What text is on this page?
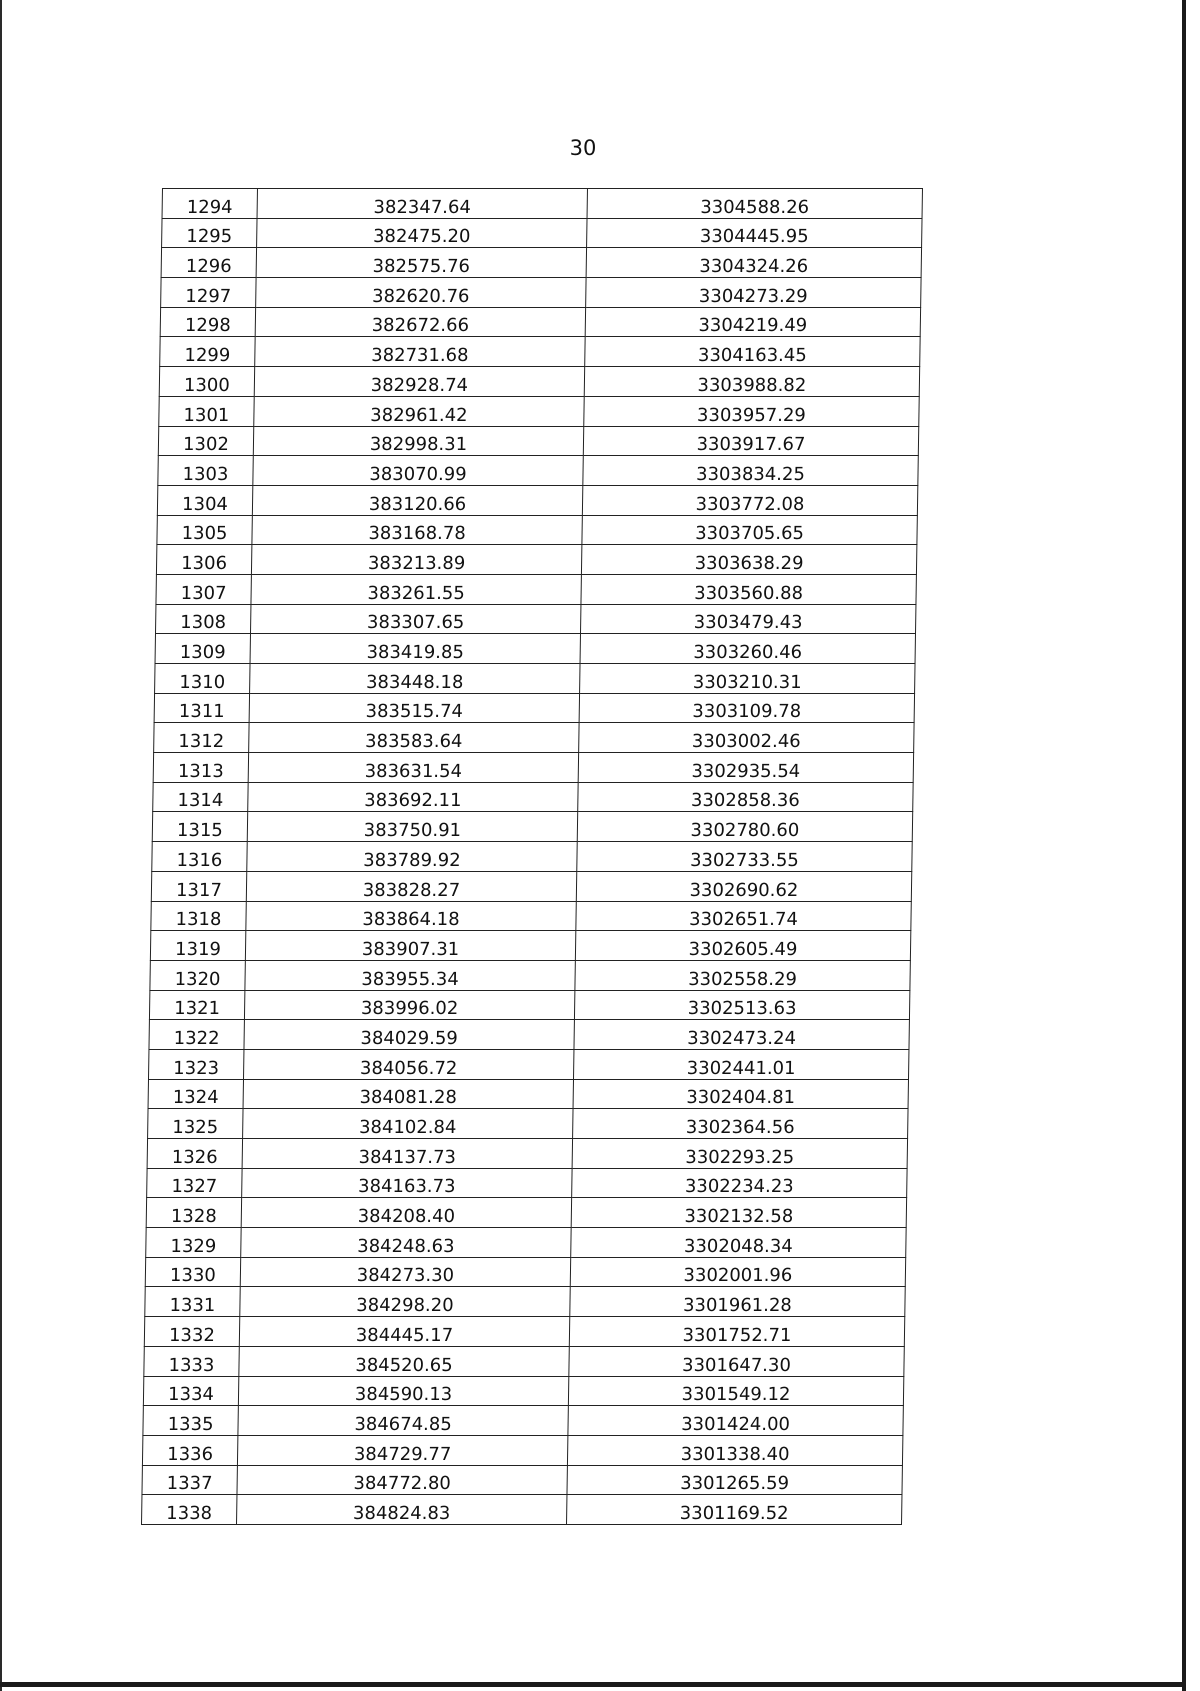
30
1294	382347.64	3304588.26
1295	382475.20	3304445.95
1296	382575.76	3304324.26
1297	382620.76	3304273.29
1298	382672.66	3304219.49
1299	382731.68	3304163.45
1300	382928.74	3303988.82
1301	382961.42	3303957.29
1302	382998.31	3303917.67
1303	383070.99	3303834.25
1304	383120.66	3303772.08
1305	383168.78	3303705.65
1306	383213.89	3303638.29
1307	383261.55	3303560.88
1308	383307.65	3303479.43
1309	383419.85	3303260.46
1310	383448.18	3303210.31
1311	383515.74	3303109.78
1312	383583.64	3303002.46
1313	383631.54	3302935.54
1314	383692.11	3302858.36
1315	383750.91	3302780.60
1316	383789.92	3302733.55
1317	383828.27	3302690.62
1318	383864.18	3302651.74
1319	383907.31	3302605.49
1320	383955.34	3302558.29
1321	383996.02	3302513.63
1322	384029.59	3302473.24
1323	384056.72	3302441.01
1324	384081.28	3302404.81
1325	384102.84	3302364.56
1326	384137.73	3302293.25
1327	384163.73	3302234.23
1328	384208.40	3302132.58
1329	384248.63	3302048.34
1330	384273.30	3302001.96
1331	384298.20	3301961.28
1332	384445.17	3301752.71
1333	384520.65	3301647.30
1334	384590.13	3301549.12
1335	384674.85	3301424.00
1336	384729.77	3301338.40
1337	384772.80	3301265.59
1338	384824.83	3301169.52
